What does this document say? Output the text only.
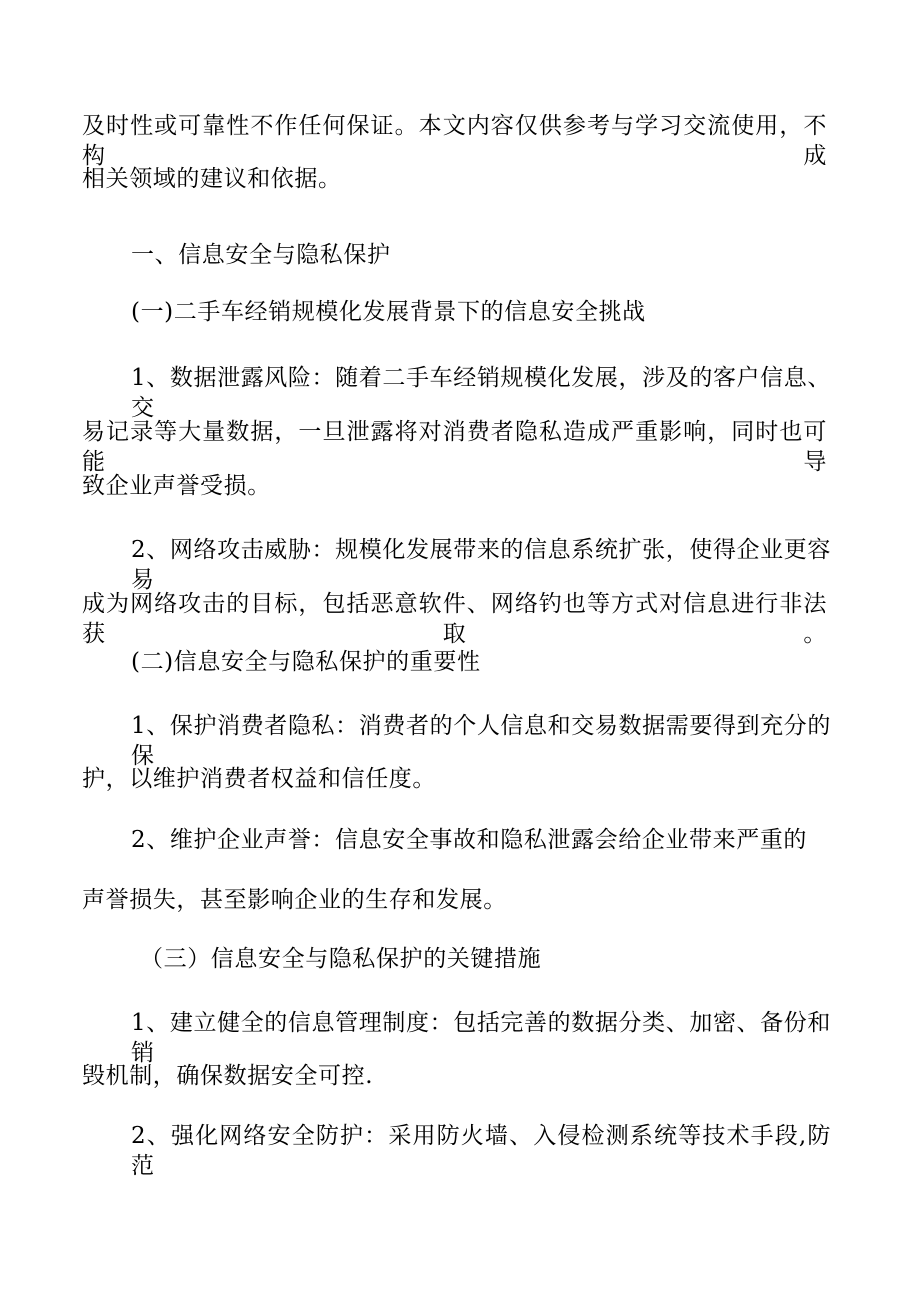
及时性或可靠性不作任何保证。本文内容仅供参考与学习交流使用，不构成
相关领域的建议和依据。
一、信息安全与隐私保护
(一)二手车经销规模化发展背景下的信息安全挑战
1、数据泄露风险：随着二手车经销规模化发展，涉及的客户信息、交
易记录等大量数据，一旦泄露将对消费者隐私造成严重影响，同时也可能导
致企业声誉受损。
2、网络攻击威胁：规模化发展带来的信息系统扩张，使得企业更容易
成为网络攻击的目标，包括恶意软件、网络钓也等方式对信息进行非法获取。
(二)信息安全与隐私保护的重要性
1、保护消费者隐私：消费者的个人信息和交易数据需要得到充分的保
护，以维护消费者权益和信任度。
2、维护企业声誉：信息安全事故和隐私泄露会给企业带来严重的
声誉损失，甚至影响企业的生存和发展。
（三）信息安全与隐私保护的关键措施
1、建立健全的信息管理制度：包括完善的数据分类、加密、备份和销
毁机制，确保数据安全可控.
2、强化网络安全防护：采用防火墙、入侵检测系统等技术手段,防范
